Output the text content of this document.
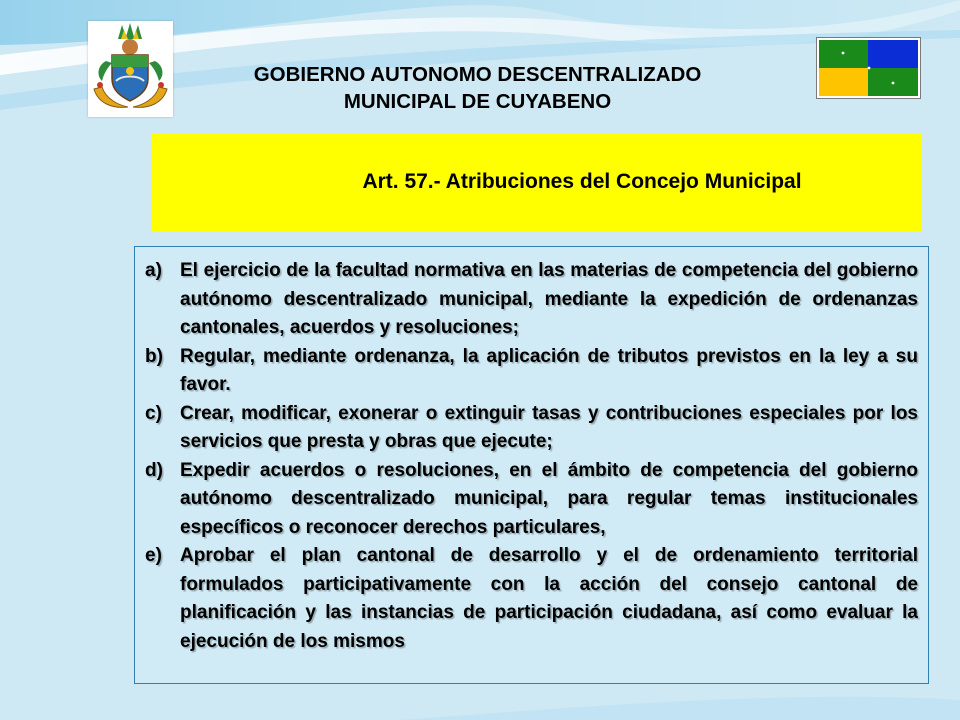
GOBIERNO AUTONOMO DESCENTRALIZADO
MUNICIPAL DE CUYABENO
Art. 57.- Atribuciones del Concejo Municipal
a) El ejercicio de la facultad normativa en las materias de competencia del gobierno autónomo descentralizado municipal, mediante la expedición de ordenanzas cantonales, acuerdos y resoluciones;
b) Regular, mediante ordenanza, la aplicación de tributos previstos en la ley a su favor.
c) Crear, modificar, exonerar o extinguir tasas y contribuciones especiales por los servicios que presta y obras que ejecute;
d) Expedir acuerdos o resoluciones, en el ámbito de competencia del gobierno autónomo descentralizado municipal, para regular temas institucionales específicos o reconocer derechos particulares,
e) Aprobar el plan cantonal de desarrollo y el de ordenamiento territorial formulados participativamente con la acción del consejo cantonal de planificación y las instancias de participación ciudadana, así como evaluar la ejecución de los mismos
